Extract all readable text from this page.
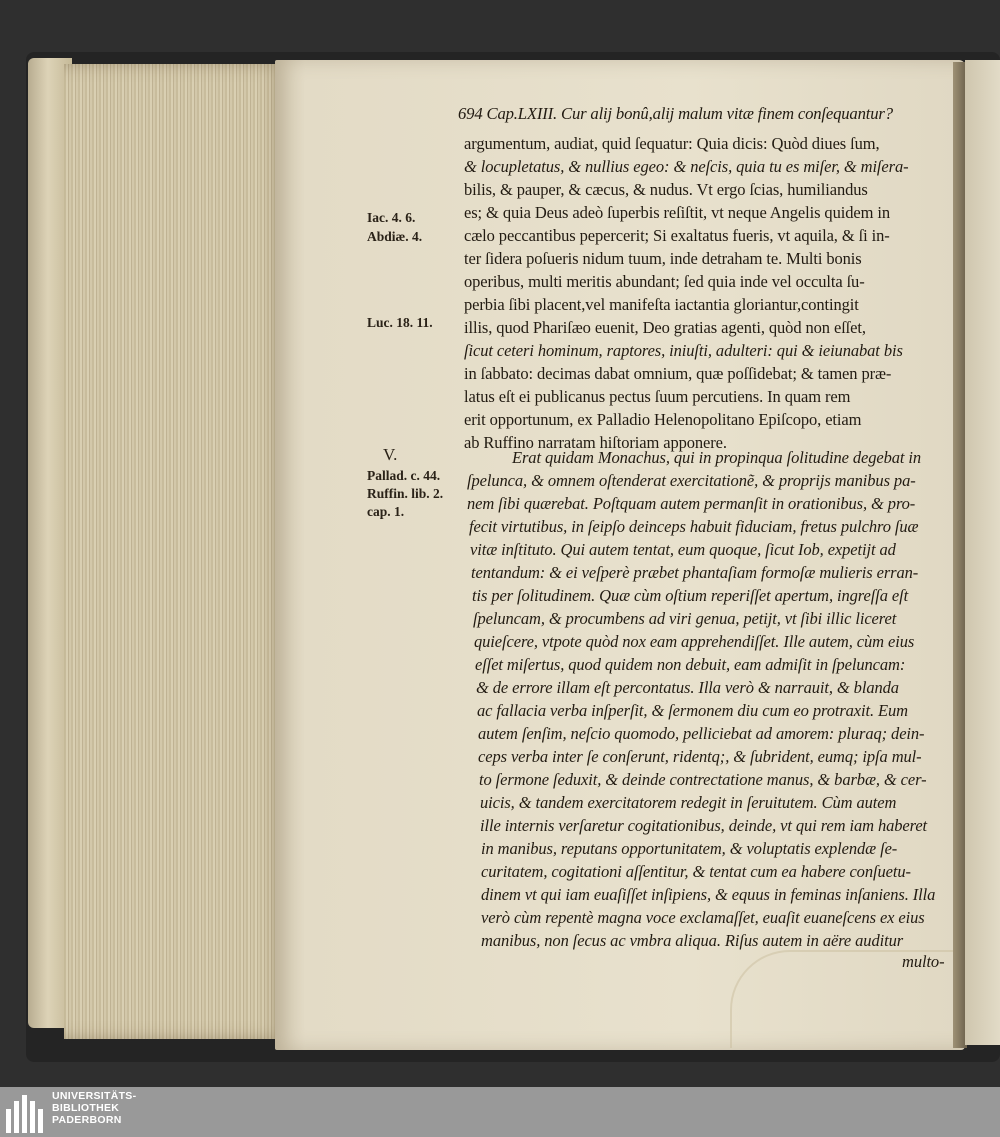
694 Cap.LXIII. Cur alij bonû,alij malum vitæ finem conſequantur?
Iac. 4. 6.
Abdiæ. 4.
Luc. 18. 11.
V.
Pallad. c. 44.
Ruffin. lib. 2.
cap. 1.
argumentum, audiat, quid ſequatur: Quia dicis: Quòd diues ſum,
& locupletatus, & nullius egeo: & neſcis, quia tu es miſer, & miſera-
bilis, & pauper, & cæcus, & nudus. Vt ergo ſcias, humiliandus
es; & quia Deus adeò ſuperbis reſiſtit, vt neque Angelis quidem in
cælo peccantibus pepercerit; Si exaltatus fueris, vt aquila, & ſi in-
ter ſidera poſueris nidum tuum, inde detraham te. Multi bonis
operibus, multi meritis abundant; ſed quia inde vel occulta ſu-
perbia ſibi placent,vel manifeſta iactantia gloriantur,contingit
illis, quod Phariſæo euenit, Deo gratias agenti, quòd non eſſet,
ſicut ceteri hominum, raptores, iniuſti, adulteri: qui & ieiunabat bis
in ſabbato: decimas dabat omnium, quæ poſſidebat; & tamen præ-
latus eſt ei publicanus pectus ſuum percutiens. In quam rem
erit opportunum, ex Palladio Helenopolitano Epiſcopo, etiam
ab Ruffino narratam hiſtoriam apponere.
Erat quidam Monachus, qui in propinqua ſolitudine degebat in
ſpelunca, & omnem oſtenderat exercitationẽ, & proprijs manibus pa-
nem ſibi quærebat. Poſtquam autem permanſit in orationibus, & pro-
fecit virtutibus, in ſeipſo deinceps habuit fiduciam, fretus pulchro ſuæ
vitæ inſtituto. Qui autem tentat, eum quoque, ſicut Iob, expetijt ad
tentandum: & ei veſperè præbet phantaſiam formoſæ mulieris erran-
tis per ſolitudinem. Quæ cùm oſtium reperiſſet apertum, ingreſſa eſt
ſpeluncam, & procumbens ad viri genua, petijt, vt ſibi illic liceret
quieſcere, vtpote quòd nox eam apprehendiſſet. Ille autem, cùm eius
eſſet miſertus, quod quidem non debuit, eam admiſit in ſpeluncam:
& de errore illam eſt percontatus. Illa verò & narrauit, & blanda
ac fallacia verba inſperſit, & ſermonem diu cum eo protraxit. Eum
autem ſenſim, neſcio quomodo, pelliciebat ad amorem: pluraq; dein-
ceps verba inter ſe conſerunt, ridentq;, & ſubrident, eumq; ipſa mul-
to ſermone ſeduxit, & deinde contrectatione manus, & barbæ, & cer-
uicis, & tandem exercitatorem redegit in ſeruitutem. Cùm autem
ille internis verſaretur cogitationibus, deinde, vt qui rem iam haberet
in manibus, reputans opportunitatem, & voluptatis explendæ ſe-
curitatem, cogitationi aſſentitur, & tentat cum ea habere conſuetu-
dinem vt qui iam euaſiſſet inſipiens, & equus in feminas inſaniens. Illa
verò cùm repentè magna voce exclamaſſet, euaſit euaneſcens ex eius
manibus, non ſecus ac vmbra aliqua. Riſus autem in aëre auditur
multo-
UNIVERSITÄTS-
BIBLIOTHEK
PADERBORN
